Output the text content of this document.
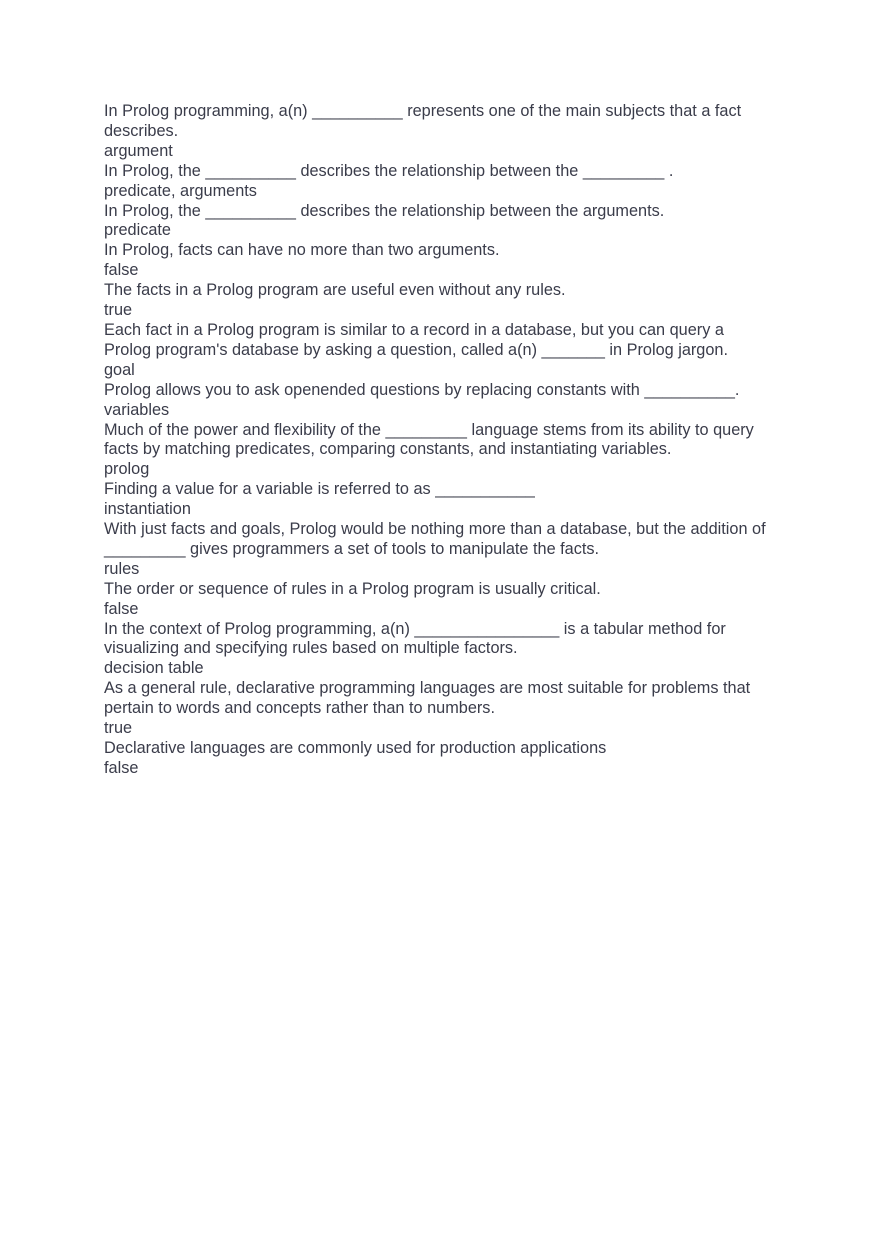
In Prolog programming, a(n) __________ represents one of the main subjects that a fact describes.
argument
In Prolog, the __________ describes the relationship between the _________ .
predicate, arguments
In Prolog, the __________ describes the relationship between the arguments.
predicate
In Prolog, facts can have no more than two arguments.
false
The facts in a Prolog program are useful even without any rules.
true
Each fact in a Prolog program is similar to a record in a database, but you can query a Prolog program's database by asking a question, called a(n) _______ in Prolog jargon.
goal
Prolog allows you to ask openended questions by replacing constants with __________.
variables
Much of the power and flexibility of the _________ language stems from its ability to query facts by matching predicates, comparing constants, and instantiating variables.
prolog
Finding a value for a variable is referred to as ___________
instantiation
With just facts and goals, Prolog would be nothing more than a database, but the addition of _________ gives programmers a set of tools to manipulate the facts.
rules
The order or sequence of rules in a Prolog program is usually critical.
false
In the context of Prolog programming, a(n) ________________ is a tabular method for visualizing and specifying rules based on multiple factors.
decision table
As a general rule, declarative programming languages are most suitable for problems that pertain to words and concepts rather than to numbers.
true
Declarative languages are commonly used for production applications
false
